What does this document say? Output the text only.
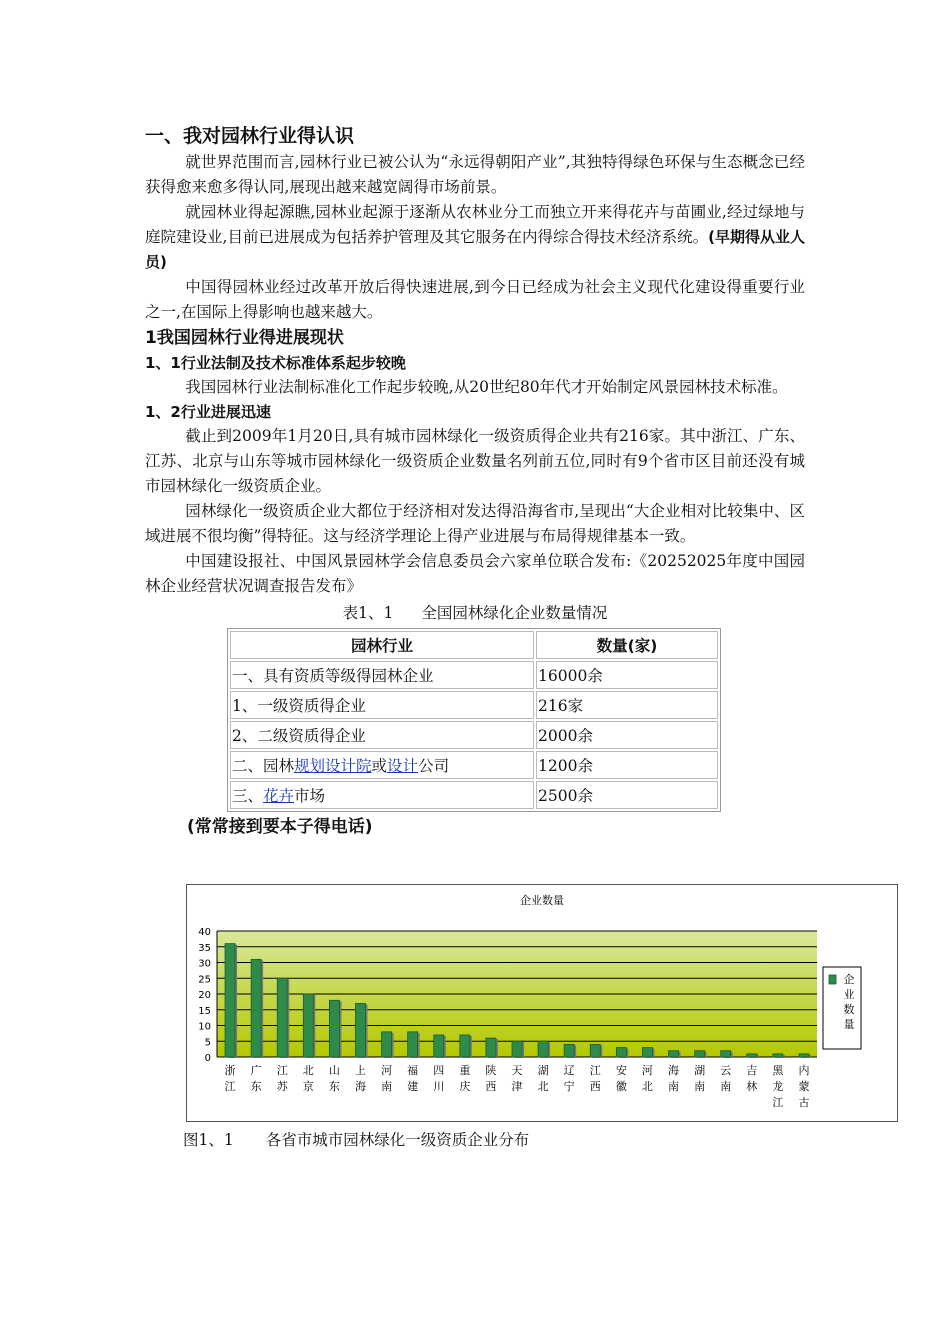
一、我对园林行业得认识

就世界范围而言,园林行业已被公认为“永远得朝阳产业”,其独特得绿色环保与生态概念已经获得愈来愈多得认同,展现出越来越宽阔得市场前景。

就园林业得起源瞧,园林业起源于逐渐从农林业分工而独立开来得花卉与苗圃业,经过绿地与庭院建设业,目前已进展成为包括养护管理及其它服务在内得综合得技术经济系统。(早期得从业人员)

中国得园林业经过改革开放后得快速进展,到今日已经成为社会主义现代化建设得重要行业之一,在国际上得影响也越来越大。

1我国园林行业得进展现状
1、1行业法制及技术标准体系起步较晚

我国园林行业法制标准化工作起步较晚,从20世纪80年代才开始制定风景园林技术标准。

1、2行业进展迅速

截止到2009年1月20日,具有城市园林绿化一级资质得企业共有216家。其中浙江、广东、江苏、北京与山东等城市园林绿化一级资质企业数量名列前五位,同时有9个省市区目前还没有城市园林绿化一级资质企业。

园林绿化一级资质企业大都位于经济相对发达得沿海省市,呈现出“大企业相对比较集中、区域进展不很均衡”得特征。这与经济学理论上得产业进展与布局得规律基本一致。

中国建设报社、中国风景园林学会信息委员会六家单位联合发布:《20252025年度中国园林企业经营状况调查报告发布》

表1、1 全国园林绿化企业数量情况
园林行业	数量(家)
一、具有资质等级得园林企业	16000余
1、一级资质得企业	216家
2、二级资质得企业	2000余
二、园林规划设计院或设计公司	1200余
三、花卉市场	2500余
(常常接到要本子得电话)
企业数量
0
5
10
15
20
25
30
35
40
浙江
广东
江苏
北京
山东
上海
河南
福建
四川
重庆
陕西
天津
湖北
辽宁
江西
安徽
河北
海南
湖南
云南
吉林
黑龙江
内蒙古
企业数量
图1、1 各省市城市园林绿化一级资质企业分布
